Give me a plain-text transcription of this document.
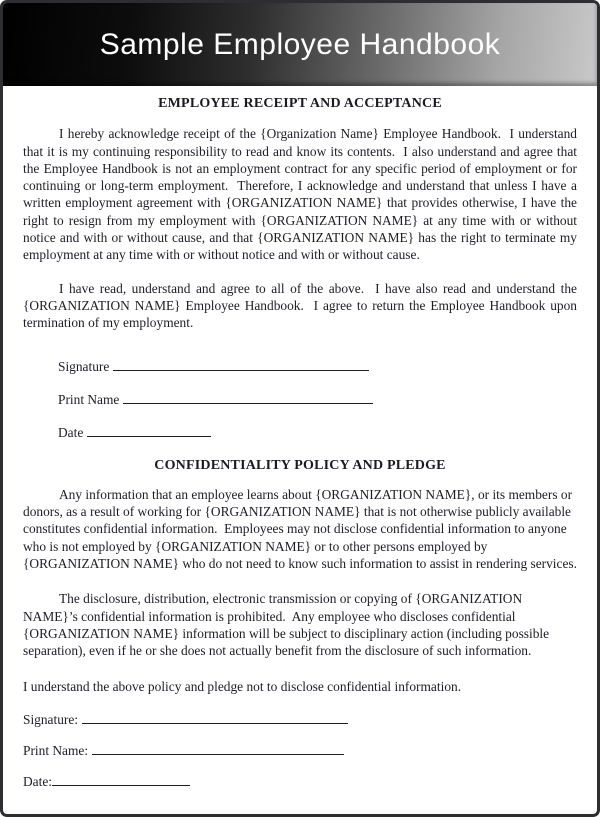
Sample Employee Handbook
EMPLOYEE RECEIPT AND ACCEPTANCE

I hereby acknowledge receipt of the {Organization Name} Employee Handbook.  I understand that it is my continuing responsibility to read and know its contents.  I also understand and agree that the Employee Handbook is not an employment contract for any specific period of employment or for continuing or long-term employment.  Therefore, I acknowledge and understand that unless I have a written employment agreement with {ORGANIZATION NAME} that provides otherwise, I have the right to resign from my employment with {ORGANIZATION NAME} at any time with or without notice and with or without cause, and that {ORGANIZATION NAME} has the right to terminate my employment at any time with or without notice and with or without cause.

I have read, understand and agree to all of the above.  I have also read and understand the {ORGANIZATION NAME} Employee Handbook.  I agree to return the Employee Handbook upon termination of my employment.

Signature
Print Name
Date
CONFIDENTIALITY POLICY AND PLEDGE

Any information that an employee learns about {ORGANIZATION NAME}, or its members or donors, as a result of working for {ORGANIZATION NAME} that is not otherwise publicly available constitutes confidential information.  Employees may not disclose confidential information to anyone who is not employed by {ORGANIZATION NAME} or to other persons employed by {ORGANIZATION NAME} who do not need to know such information to assist in rendering services.

The disclosure, distribution, electronic transmission or copying of {ORGANIZATION NAME}’s confidential information is prohibited.  Any employee who discloses confidential {ORGANIZATION NAME} information will be subject to disciplinary action (including possible separation), even if he or she does not actually benefit from the disclosure of such information.

I understand the above policy and pledge not to disclose confidential information.

Signature:
Print Name:
Date:
